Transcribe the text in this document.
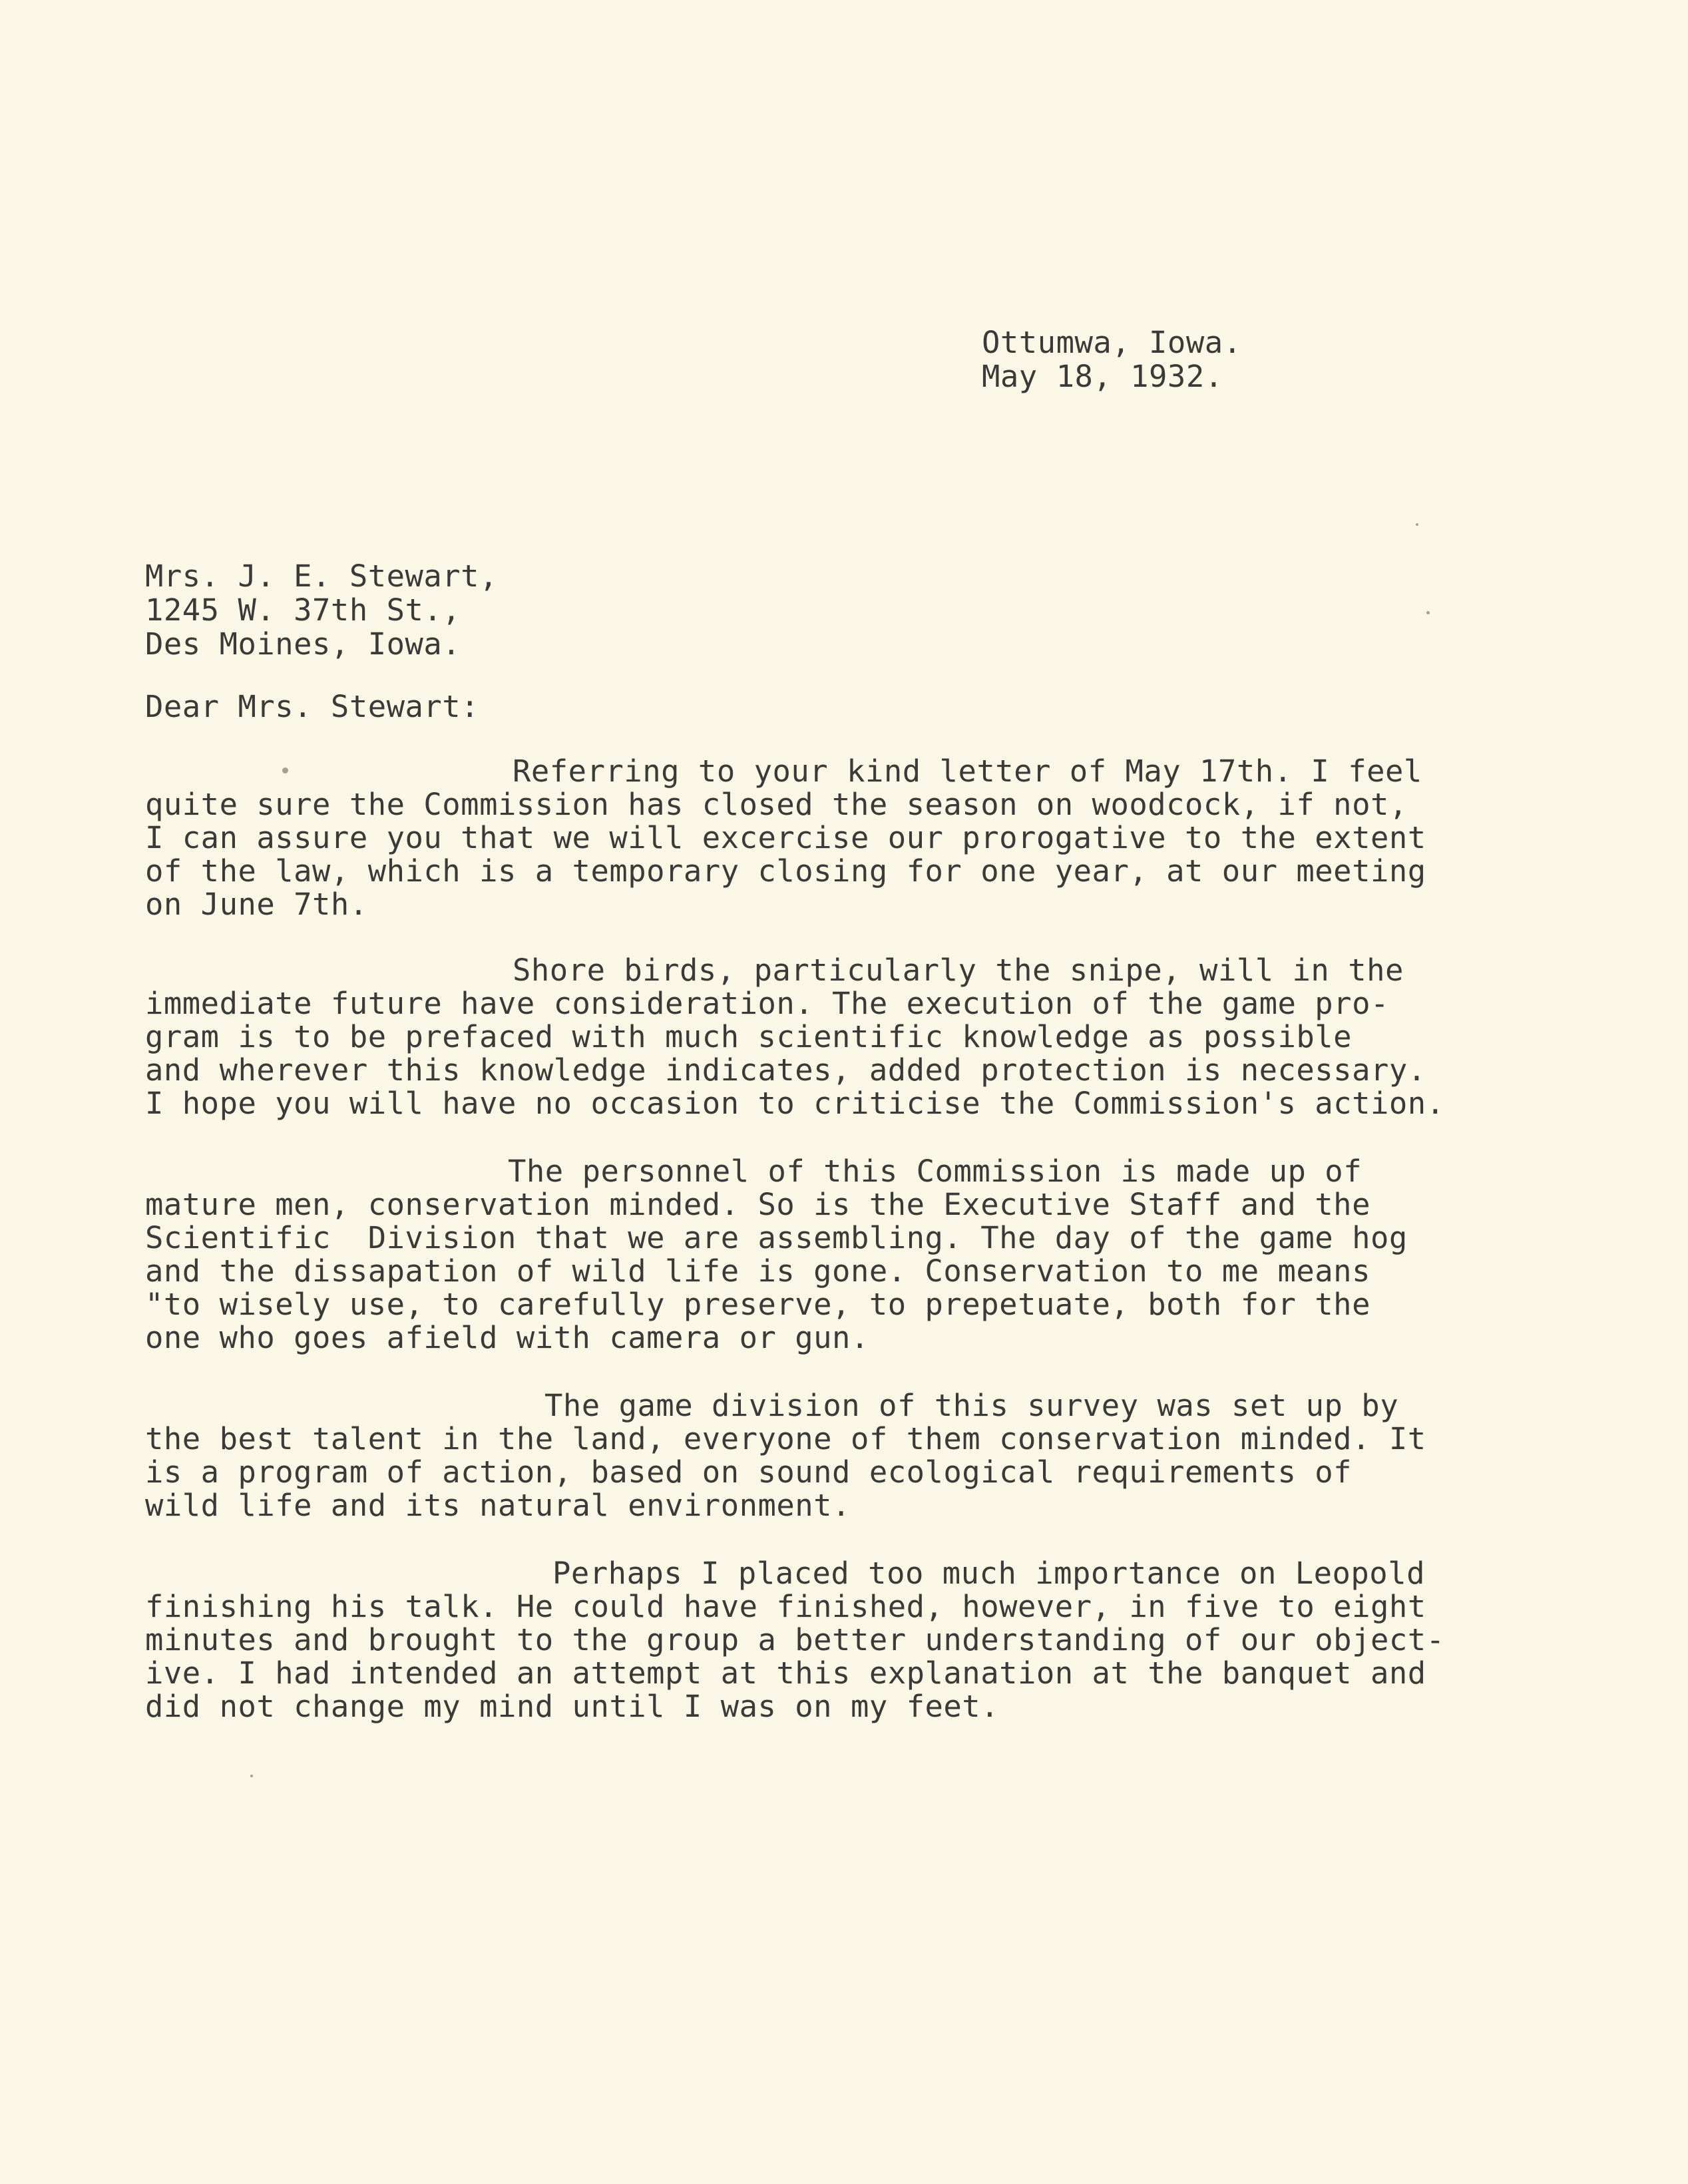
Ottumwa, Iowa.
May 18, 1932.
Mrs. J. E. Stewart,
1245 W. 37th St.,
Des Moines, Iowa.
Dear Mrs. Stewart:
Referring to your kind letter of May 17th. I feel
quite sure the Commission has closed the season on woodcock, if not,
I can assure you that we will excercise our prorogative to the extent
of the law, which is a temporary closing for one year, at our meeting
on June 7th.
Shore birds, particularly the snipe, will in the
immediate future have consideration. The execution of the game pro-
gram is to be prefaced with much scientific knowledge as possible
and wherever this knowledge indicates, added protection is necessary.
I hope you will have no occasion to criticise the Commission's action.
The personnel of this Commission is made up of
mature men, conservation minded. So is the Executive Staff and the
Scientific  Division that we are assembling. The day of the game hog
and the dissapation of wild life is gone. Conservation to me means
"to wisely use, to carefully preserve, to prepetuate, both for the
one who goes afield with camera or gun.
The game division of this survey was set up by
the best talent in the land, everyone of them conservation minded. It
is a program of action, based on sound ecological requirements of
wild life and its natural environment.
Perhaps I placed too much importance on Leopold
finishing his talk. He could have finished, however, in five to eight
minutes and brought to the group a better understanding of our object-
ive. I had intended an attempt at this explanation at the banquet and
did not change my mind until I was on my feet.
